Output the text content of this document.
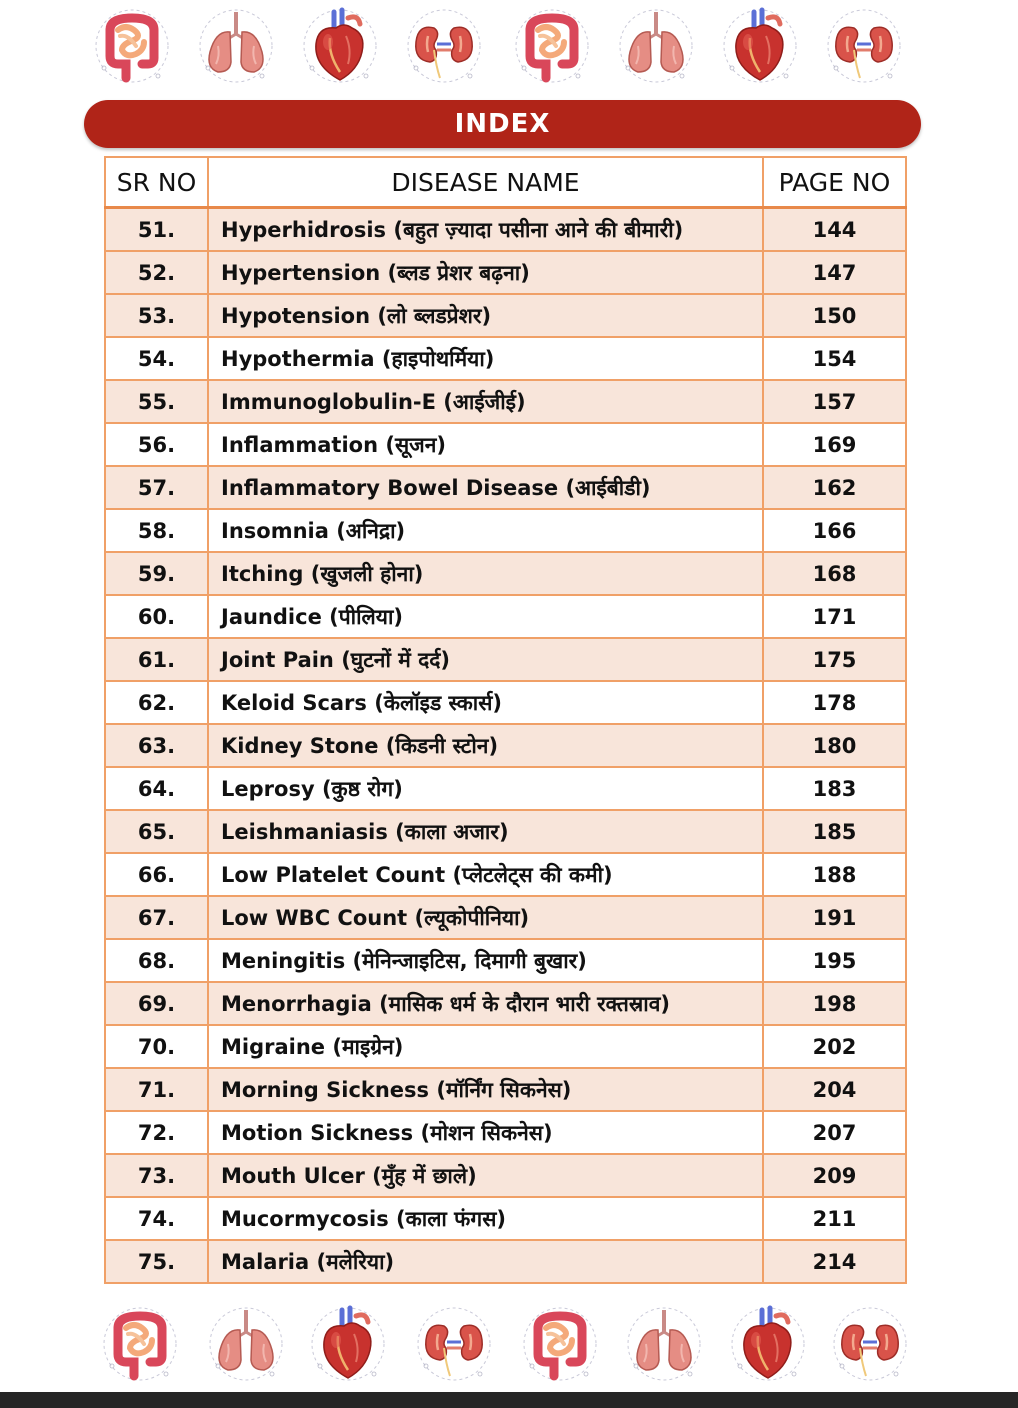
INDEX
SR NO	DISEASE NAME	PAGE NO
51.	Hyperhidrosis (बहुत ज़्यादा पसीना आने की बीमारी)	144
52.	Hypertension (ब्लड प्रेशर बढ़ना)	147
53.	Hypotension (लो ब्लडप्रेशर)	150
54.	Hypothermia (हाइपोथर्मिया)	154
55.	Immunoglobulin-E (आईजीई)	157
56.	Inflammation (सूजन)	169
57.	Inflammatory Bowel Disease (आईबीडी)	162
58.	Insomnia (अनिद्रा)	166
59.	Itching (खुजली होना)	168
60.	Jaundice (पीलिया)	171
61.	Joint Pain (घुटनों में दर्द)	175
62.	Keloid Scars (केलॉइड स्कार्स)	178
63.	Kidney Stone (किडनी स्टोन)	180
64.	Leprosy (कुष्ठ रोग)	183
65.	Leishmaniasis (काला अजार)	185
66.	Low Platelet Count (प्लेटलेट्स की कमी)	188
67.	Low WBC Count (ल्यूकोपीनिया)	191
68.	Meningitis (मेनिन्जाइटिस, दिमागी बुखार)	195
69.	Menorrhagia (मासिक धर्म के दौरान भारी रक्तस्राव)	198
70.	Migraine (माइग्रेन)	202
71.	Morning Sickness (मॉर्निंग सिकनेस)	204
72.	Motion Sickness (मोशन सिकनेस)	207
73.	Mouth Ulcer (मुँह में छाले)	209
74.	Mucormycosis (काला फंगस)	211
75.	Malaria (मलेरिया)	214
